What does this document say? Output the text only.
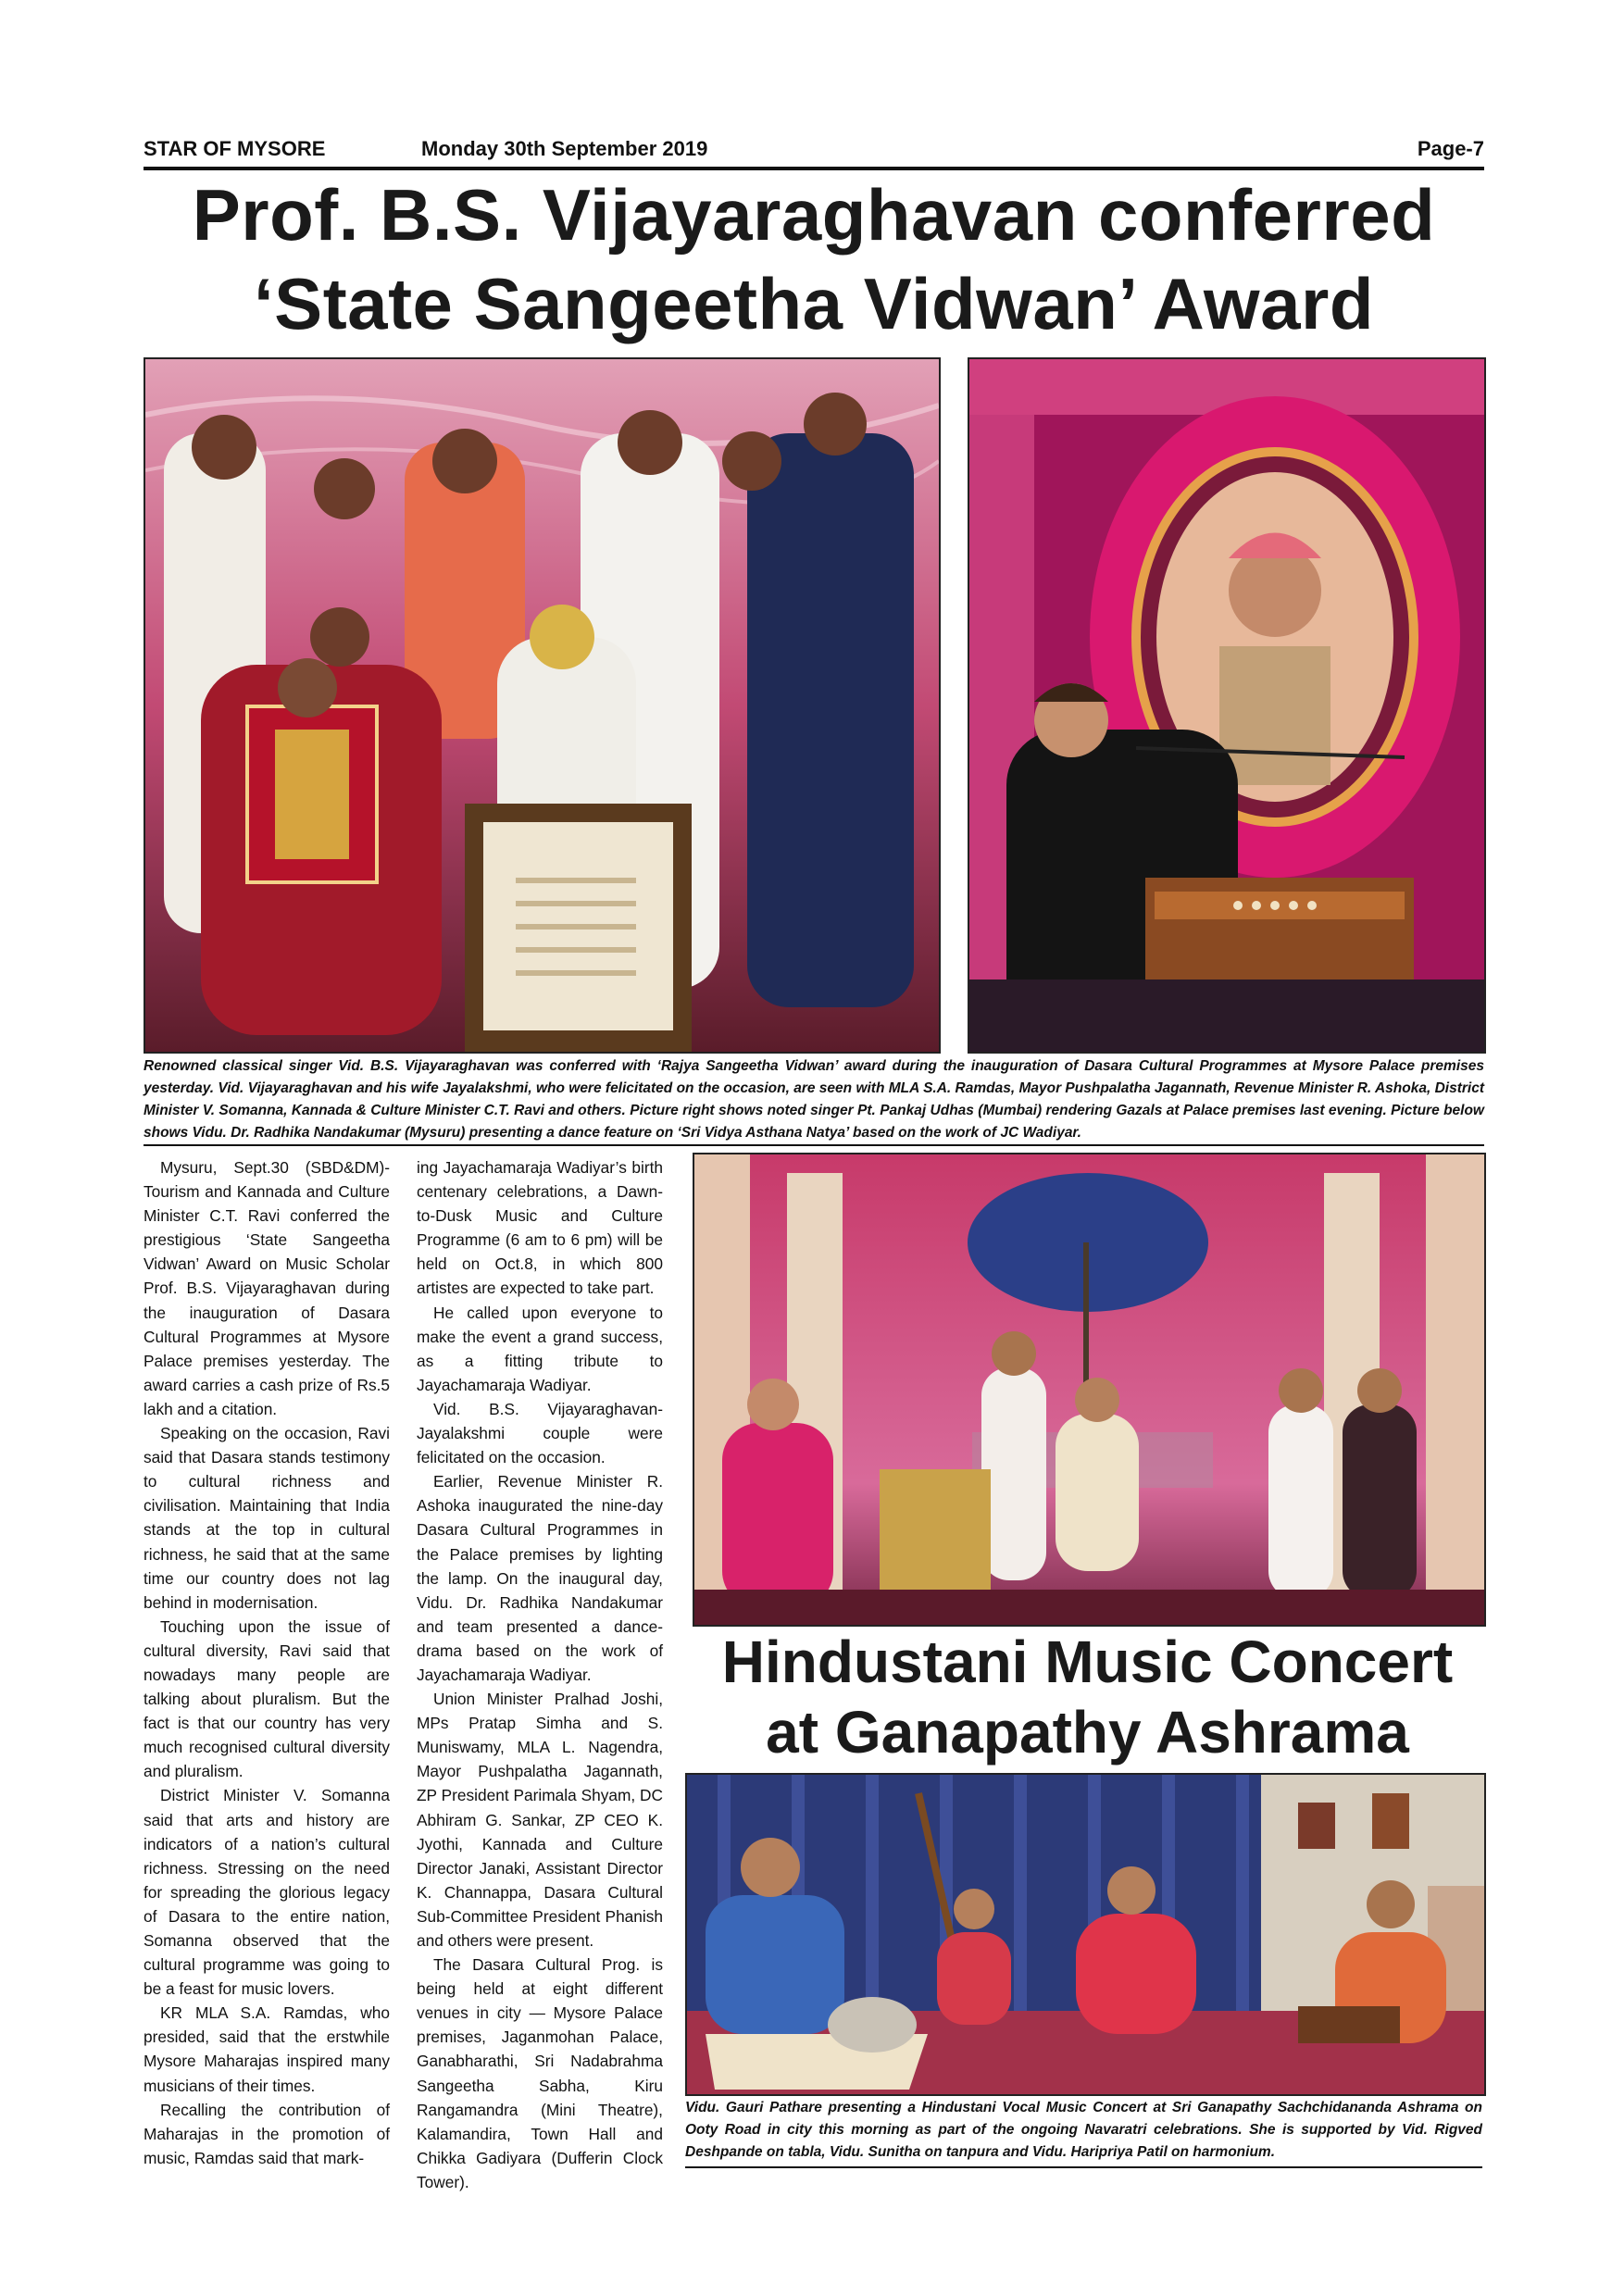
STAR OF MYSORE	Monday 30th September 2019	Page-7
Prof. B.S. Vijayaraghavan conferred
‘State Sangeetha Vidwan’ Award
Renowned classical singer Vid. B.S. Vijayaraghavan was conferred with ‘Rajya Sangeetha Vidwan’ award during the inauguration of Dasara Cultural Programmes at Mysore Palace premises yesterday. Vid. Vijayaraghavan and his wife Jayalakshmi, who were felicitated on the occasion, are seen with MLA S.A. Ramdas, Mayor Pushpalatha Jagannath, Revenue Minister R. Ashoka, District Minister V. Somanna, Kannada & Culture Minister C.T. Ravi and others. Picture right shows noted singer Pt. Pankaj Udhas (Mumbai) rendering Gazals at Palace premises last evening. Picture below shows Vidu. Dr. Radhika Nandakumar (Mysuru) presenting a dance feature on ‘Sri Vidya Asthana Natya’ based on the work of JC Wadiyar.

Mysuru, Sept.30 (SBD&DM)- Tourism and Kannada and Culture Minister C.T. Ravi conferred the prestigious ‘State Sangeetha Vidwan’ Award on Music Scholar Prof. B.S. Vijayaraghavan during the inauguration of Dasara Cultural Programmes at Mysore Palace premises yesterday. The award carries a cash prize of Rs.5 lakh and a citation.

Speaking on the occasion, Ravi said that Dasara stands testimony to cultural richness and civilisation. Maintaining that India stands at the top in cultural richness, he said that at the same time our country does not lag behind in modernisation.

Touching upon the issue of cultural diversity, Ravi said that nowadays many people are talking about pluralism. But the fact is that our country has very much recognised cultural diversity and pluralism.

District Minister V. Somanna said that arts and history are indicators of a nation’s cultural richness. Stressing on the need for spreading the glorious legacy of Dasara to the entire nation, Somanna observed that the cultural programme was going to be a feast for music lovers.

KR MLA S.A. Ramdas, who presided, said that the erstwhile Mysore Maharajas inspired many musicians of their times.

Recalling the contribution of Maharajas in the promotion of music, Ramdas said that mark-

ing Jayachamaraja Wadiyar’s birth centenary celebrations, a Dawn-to-Dusk Music and Culture Programme (6 am to 6 pm) will be held on Oct.8, in which 800 artistes are expected to take part.

He called upon everyone to make the event a grand success, as a fitting tribute to Jayachamaraja Wadiyar.

Vid. B.S. Vijayaraghavan-Jayalakshmi couple were felicitated on the occasion.

Earlier, Revenue Minister R. Ashoka inaugurated the nine-day Dasara Cultural Programmes in the Palace premises by lighting the lamp. On the inaugural day, Vidu. Dr. Radhika Nandakumar and team presented a dance-drama based on the work of Jayachamaraja Wadiyar.

Union Minister Pralhad Joshi, MPs Pratap Simha and S. Muniswamy, MLA L. Nagendra, Mayor Pushpalatha Jagannath, ZP President Parimala Shyam, DC Abhiram G. Sankar, ZP CEO K. Jyothi, Kannada and Culture Director Janaki, Assistant Director K. Channappa, Dasara Cultural Sub-Committee President Phanish and others were present.

The Dasara Cultural Prog. is being held at eight different venues in city — Mysore Palace premises, Jaganmohan Palace, Ganabharathi, Sri Nadabrahma Sangeetha Sabha, Kiru Rangamandra (Mini Theatre), Kalamandira, Town Hall and Chikka Gadiyara (Dufferin Clock Tower).

Hindustani Music Concert
at Ganapathy Ashrama
Vidu. Gauri Pathare presenting a Hindustani Vocal Music Concert at Sri Ganapathy Sachchidananda Ashrama on Ooty Road in city this morning as part of the ongoing Navaratri celebrations. She is supported by Vid. Rigved Deshpande on tabla, Vidu. Sunitha on tanpura and Vidu. Haripriya Patil on harmonium.
